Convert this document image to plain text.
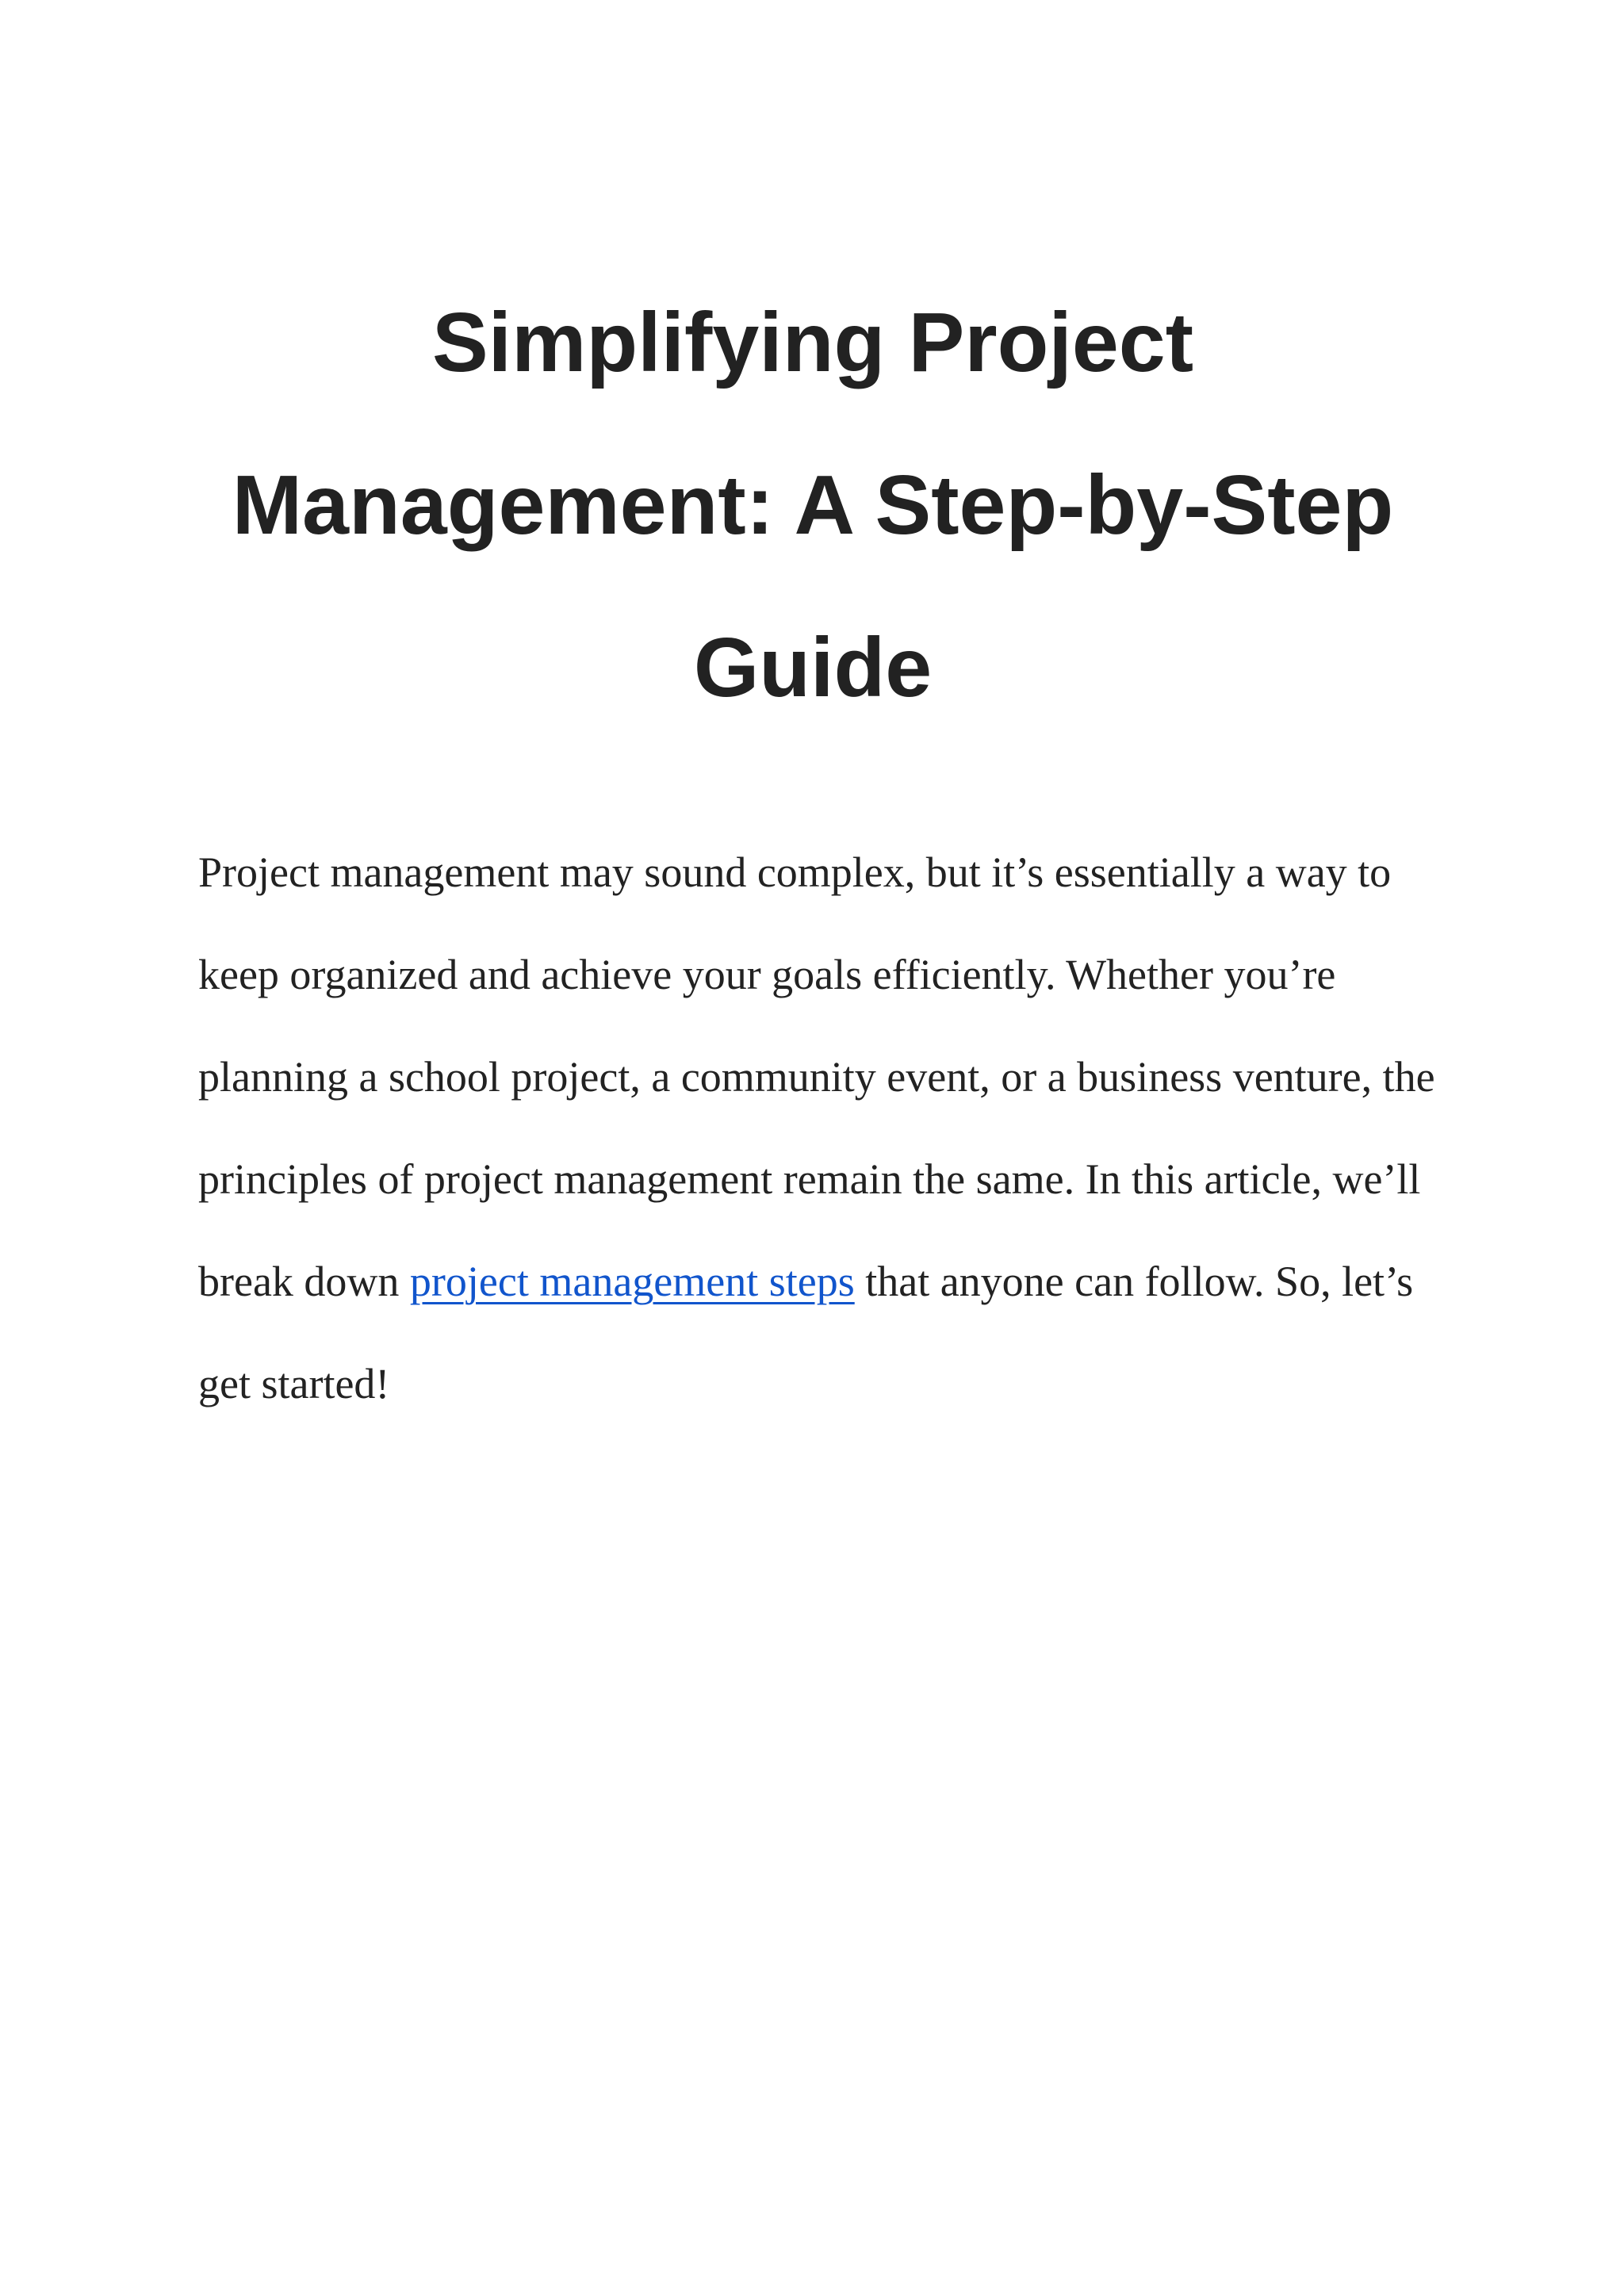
Simplifying Project Management: A Step-by-Step Guide

Project management may sound complex, but it’s essentially a way to keep organized and achieve your goals efficiently. Whether you’re planning a school project, a community event, or a business venture, the principles of project management remain the same. In this article, we’ll break down project management steps that anyone can follow. So, let’s get started!
